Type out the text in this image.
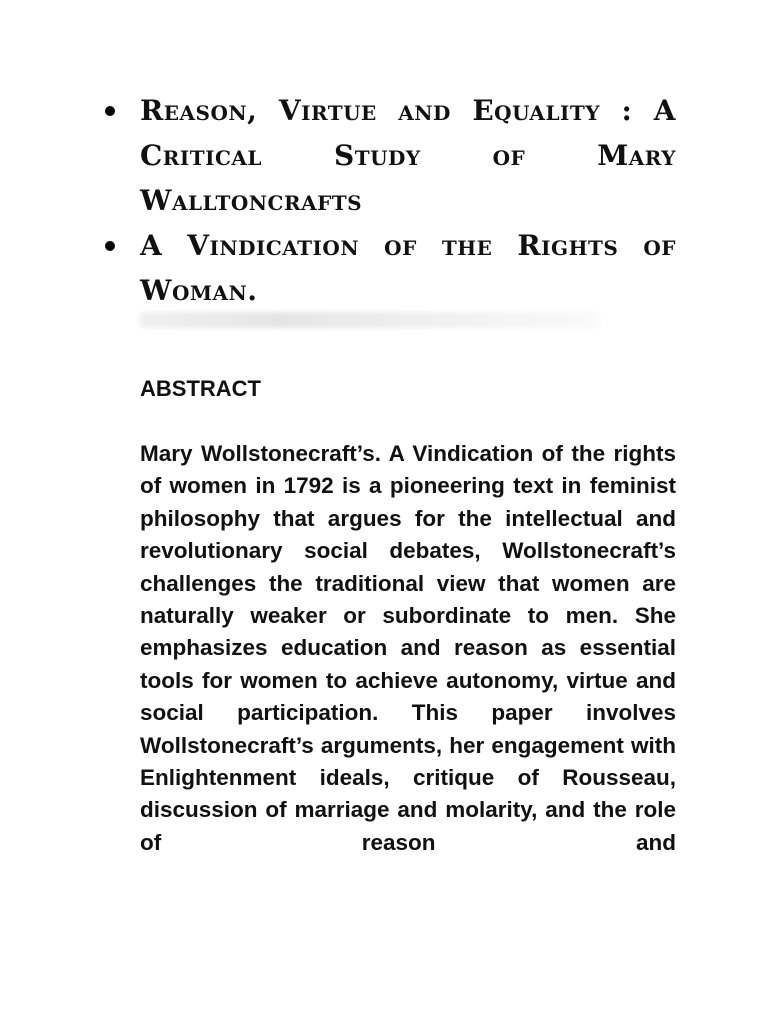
Reason, Virtue and Equality : A Critical Study of Mary Walltoncrafts
A Vindication of the Rights of Woman.
ABSTRACT

Mary Wollstonecraft’s. A Vindication of the rights of women in 1792 is a pioneering text in feminist philosophy that argues for the intellectual and revolutionary social debates, Wollstonecraft’s challenges the traditional view that women are naturally weaker or subordinate to men. She emphasizes education and reason as essential tools for women to achieve autonomy, virtue and social participation. This paper involves Wollstonecraft’s arguments, her engagement with Enlightenment ideals, critique of Rousseau, discussion of marriage and molarity, and the role of reason and
